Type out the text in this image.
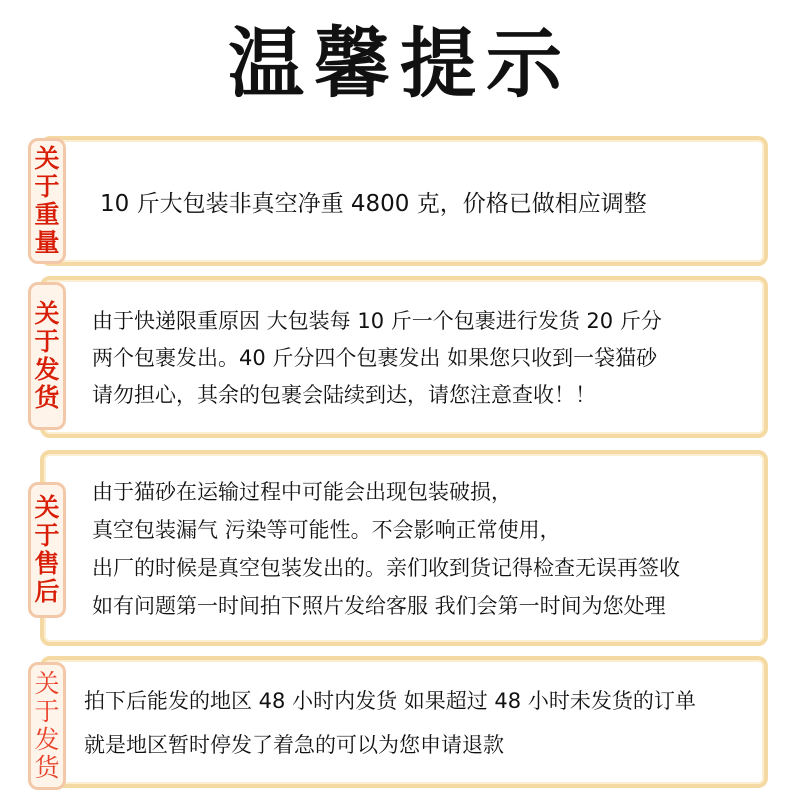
温馨提示
10 斤大包装非真空净重 4800 克，价格已做相应调整
关
于
重
量
由于快递限重原因 大包装每 10 斤一个包裹进行发货 20 斤分
两个包裹发出。40 斤分四个包裹发出 如果您只收到一袋猫砂
请勿担心，其余的包裹会陆续到达，请您注意查收！！
关
于
发
货
由于猫砂在运输过程中可能会出现包装破损，
真空包装漏气 污染等可能性。不会影响正常使用，
出厂的时候是真空包装发出的。亲们收到货记得检查无误再签收
如有问题第一时间拍下照片发给客服 我们会第一时间为您处理
关
于
售
后
拍下后能发的地区 48 小时内发货 如果超过 48 小时未发货的订单
就是地区暂时停发了着急的可以为您申请退款
关
于
发
货
